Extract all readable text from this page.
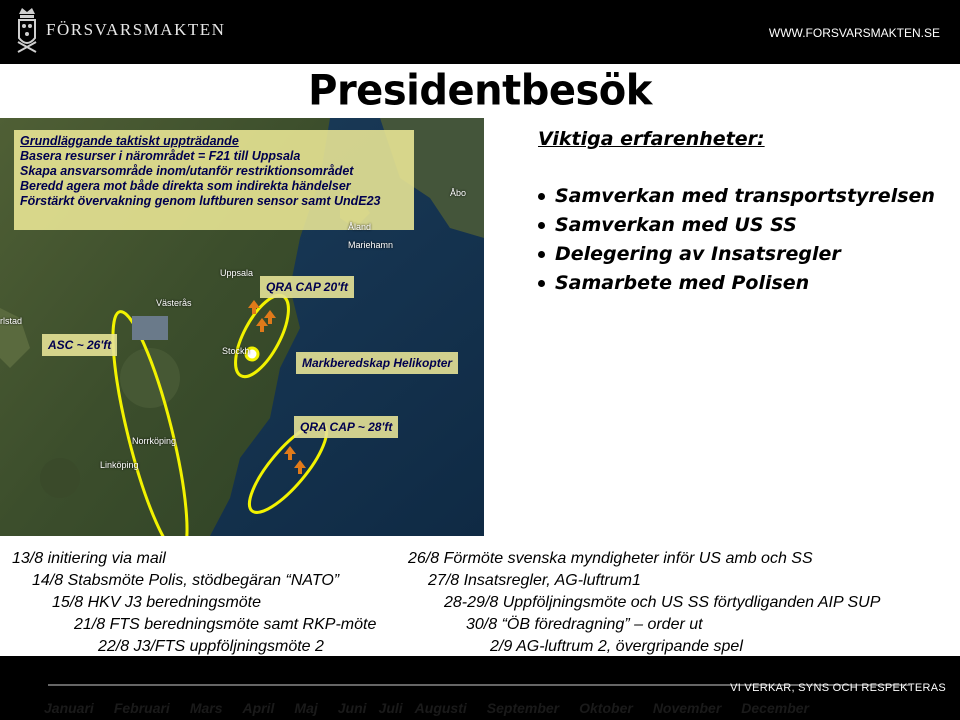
FÖRSVARSMAKTEN	WWW.FORSVARSMAKTEN.SE
Presidentbesök
Grundläggande taktiskt uppträdande
Basera resurser i närområdet = F21 till Uppsala
Skapa ansvarsområde inom/utanför restriktionsområdet
Beredd agera mot både direkta som indirekta händelser
Förstärkt övervakning genom luftburen sensor samt UndE23
QRA CAP 20'ft
ASC ~ 26'ft
Markberedskap Helikopter
QRA CAP ~ 28'ft
Åbo
Åland
Mariehamn
Uppsala
Västerås
rlstad
Stockh
Norrköping
Linköping
Viktiga erfarenheter:
Samverkan med transportstyrelsen
Samverkan med US SS
Delegering av Insatsregler
Samarbete med Polisen
13/8 initiering via mail
14/8 Stabsmöte Polis, stödbegäran “NATO”
15/8 HKV J3 beredningsmöte
21/8 FTS beredningsmöte samt RKP-möte
22/8 J3/FTS uppföljningsmöte 2
26/8 Förmöte svenska myndigheter inför US amb och SS
27/8 Insatsregler, AG-luftrum1
28-29/8 Uppföljningsmöte och US SS förtydliganden AIP SUP
30/8 “ÖB föredragning” – order ut
2/9 AG-luftrum 2, övergripande spel
VI VERKAR, SYNS OCH RESPEKTERAS
Januari Februari Mars April Maj Juni Juli Augusti September Oktober November December
